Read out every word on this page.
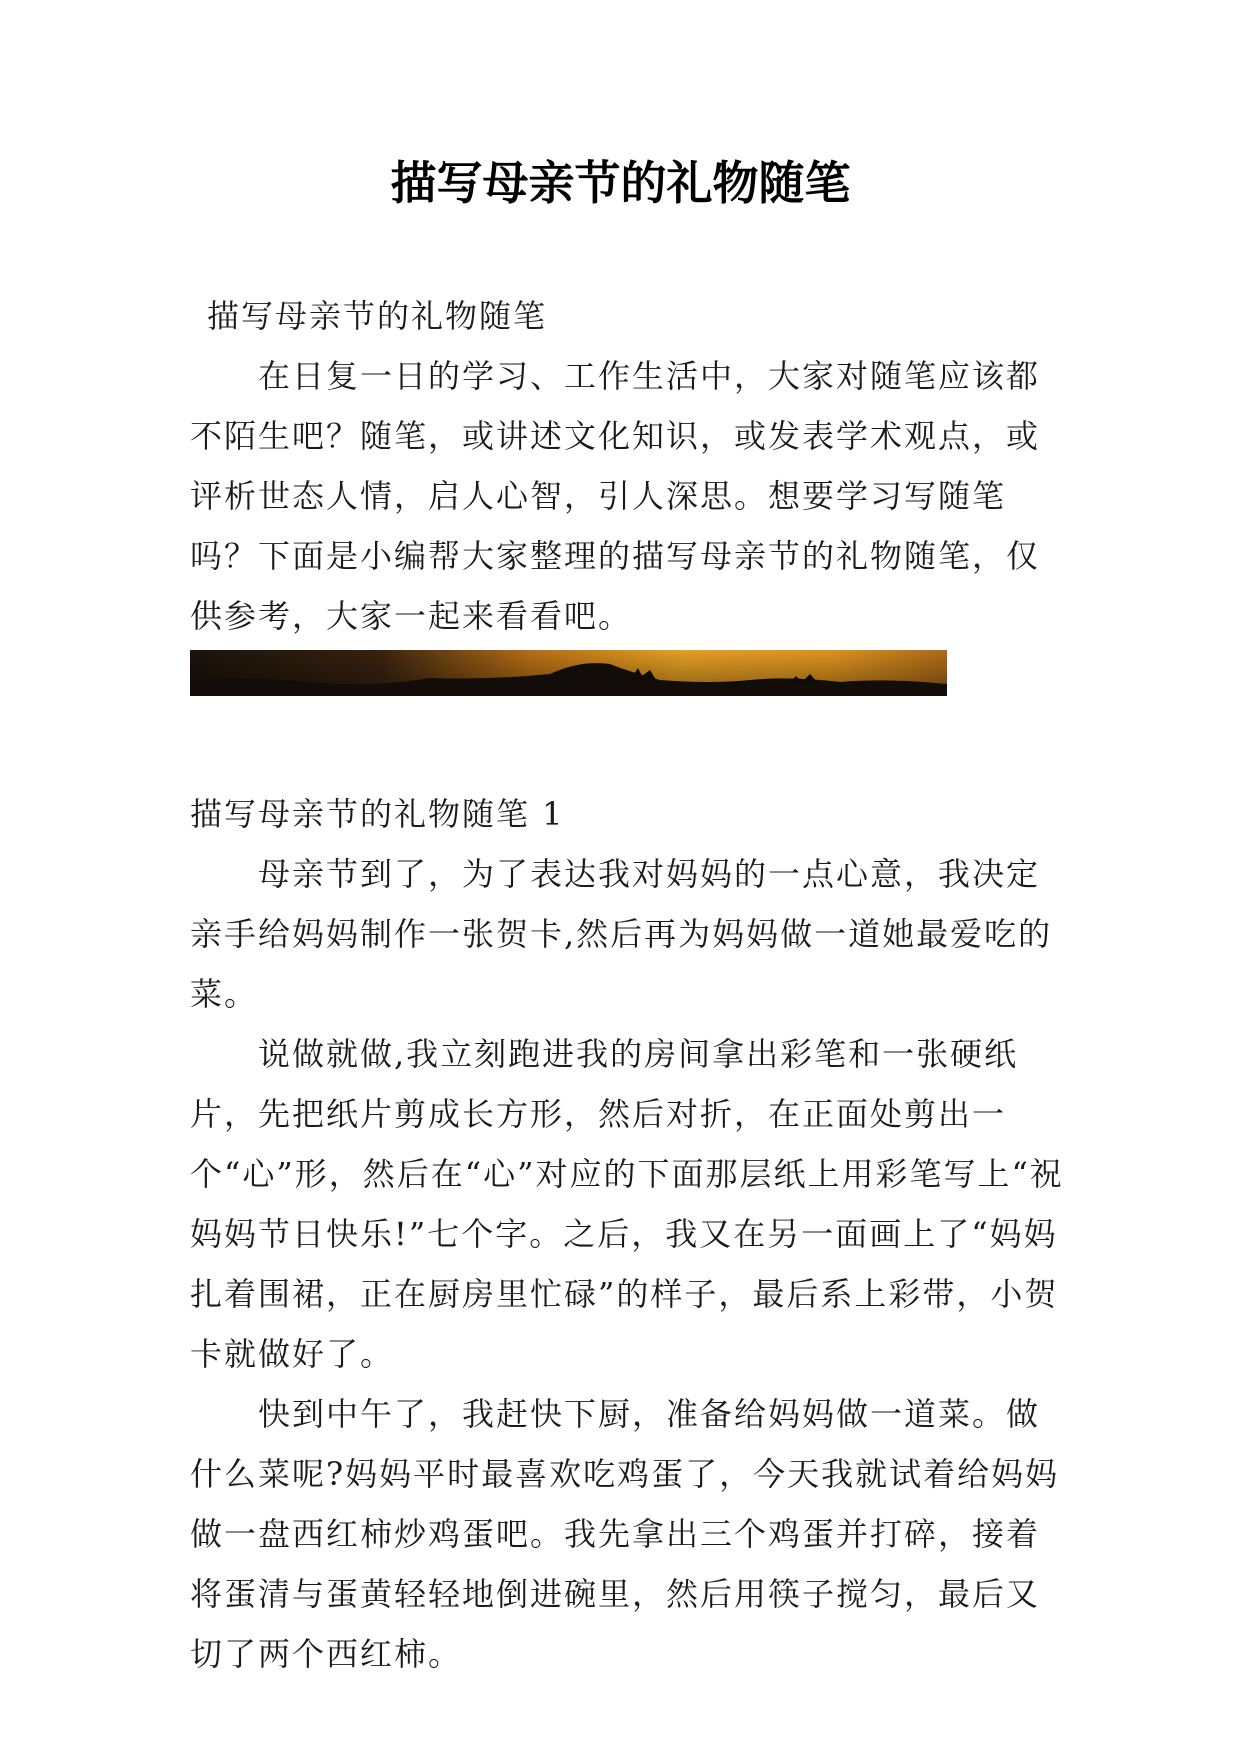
描写母亲节的礼物随笔

描写母亲节的礼物随笔

在日复一日的学习、工作生活中，大家对随笔应该都不陌生吧？随笔，或讲述文化知识，或发表学术观点，或评析世态人情，启人心智，引人深思。想要学习写随笔吗？下面是小编帮大家整理的描写母亲节的礼物随笔，仅供参考，大家一起来看看吧。

描写母亲节的礼物随笔 1

母亲节到了，为了表达我对妈妈的一点心意，我决定亲手给妈妈制作一张贺卡,然后再为妈妈做一道她最爱吃的菜。

说做就做,我立刻跑进我的房间拿出彩笔和一张硬纸片，先把纸片剪成长方形，然后对折，在正面处剪出一个“心”形，然后在“心”对应的下面那层纸上用彩笔写上“祝妈妈节日快乐!”七个字。之后，我又在另一面画上了“妈妈扎着围裙，正在厨房里忙碌”的样子，最后系上彩带，小贺卡就做好了。

快到中午了，我赶快下厨，准备给妈妈做一道菜。做什么菜呢?妈妈平时最喜欢吃鸡蛋了，今天我就试着给妈妈做一盘西红柿炒鸡蛋吧。我先拿出三个鸡蛋并打碎，接着将蛋清与蛋黄轻轻地倒进碗里，然后用筷子搅匀，最后又切了两个西红柿。
